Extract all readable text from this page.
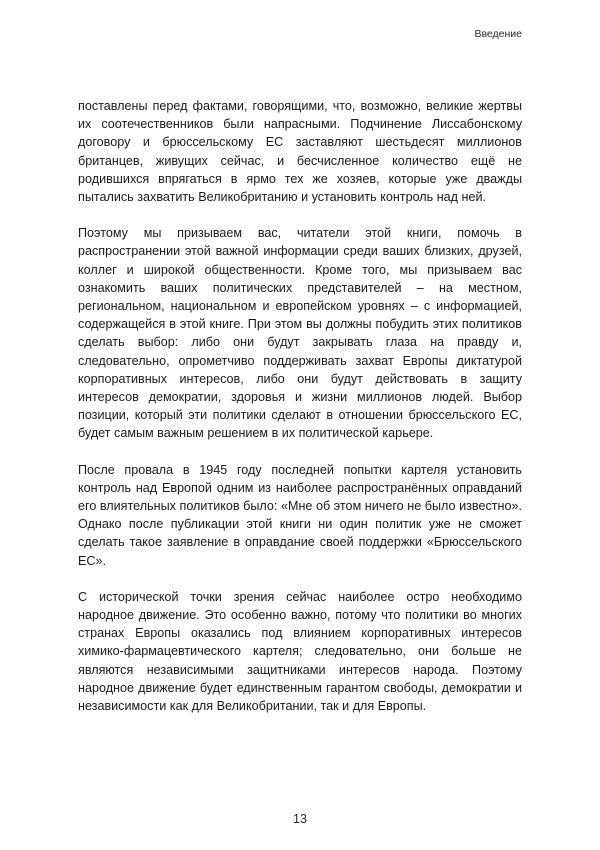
Введение

поставлены перед фактами, говорящими, что, возможно, великие жертвы их соотечественников были напрасными. Подчинение Лиссабонскому договору и брюссельскому ЕС заставляют шестьдесят миллионов британцев, живущих сейчас, и бесчисленное количество ещё не родившихся впрягаться в ярмо тех же хозяев, которые уже дважды пытались захватить Великобританию и установить контроль над ней.

Поэтому мы призываем вас, читатели этой книги, помочь в распространении этой важной информации среди ваших близких, друзей, коллег и широкой общественности. Кроме того, мы призываем вас ознакомить ваших политических представителей – на местном, региональном, национальном и европейском уровнях – с информацией, содержащейся в этой книге. При этом вы должны побудить этих политиков сделать выбор: либо они будут закрывать глаза на правду и, следовательно, опрометчиво поддерживать захват Европы диктатурой корпоративных интересов, либо они будут действовать в защиту интересов демократии, здоровья и жизни миллионов людей. Выбор позиции, который эти политики сделают в отношении брюссельского ЕС, будет самым важным решением в их политической карьере.

После провала в 1945 году последней попытки картеля установить контроль над Европой одним из наиболее распространённых оправданий его влиятельных политиков было: «Мне об этом ничего не было известно». Однако после публикации этой книги ни один политик уже не сможет сделать такое заявление в оправдание своей поддержки «Брюссельского ЕС».

С исторической точки зрения сейчас наиболее остро необходимо народное движение. Это особенно важно, потому что политики во многих странах Европы оказались под влиянием корпоративных интересов химико-фармацевтического картеля; следовательно, они больше не являются независимыми защитниками интересов народа. Поэтому народное движение будет единственным гарантом свободы, демократии и независимости как для Великобритании, так и для Европы.

13
